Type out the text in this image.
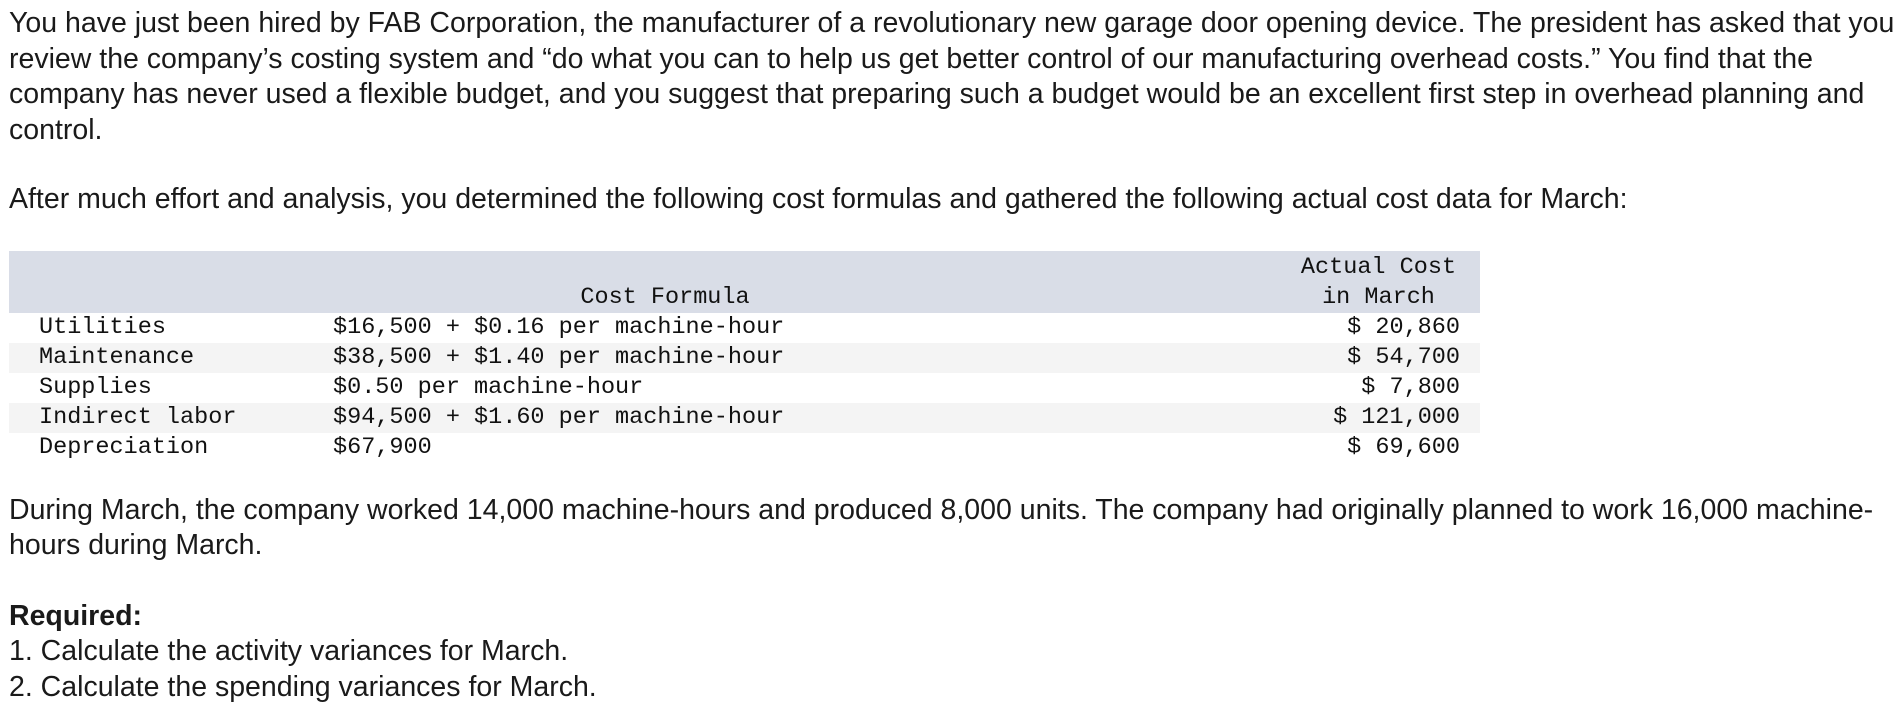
You have just been hired by FAB Corporation, the manufacturer of a revolutionary new garage door opening device. The president has asked that you review the company’s costing system and “do what you can to help us get better control of our manufacturing overhead costs.” You find that the company has never used a flexible budget, and you suggest that preparing such a budget would be an excellent first step in overhead planning and control.

After much effort and analysis, you determined the following cost formulas and gathered the following actual cost data for March:

		Actual Cost
	Cost Formula	in March
Utilities	$16,500 + $0.16 per machine-hour	$ 20,860
Maintenance	$38,500 + $1.40 per machine-hour	$ 54,700
Supplies	$0.50 per machine-hour	$ 7,800
Indirect labor	$94,500 + $1.60 per machine-hour	$ 121,000
Depreciation	$67,900	$ 69,600

During March, the company worked 14,000 machine-hours and produced 8,000 units. The company had originally planned to work 16,000 machine-hours during March.

Required:

1. Calculate the activity variances for March.

2. Calculate the spending variances for March.
